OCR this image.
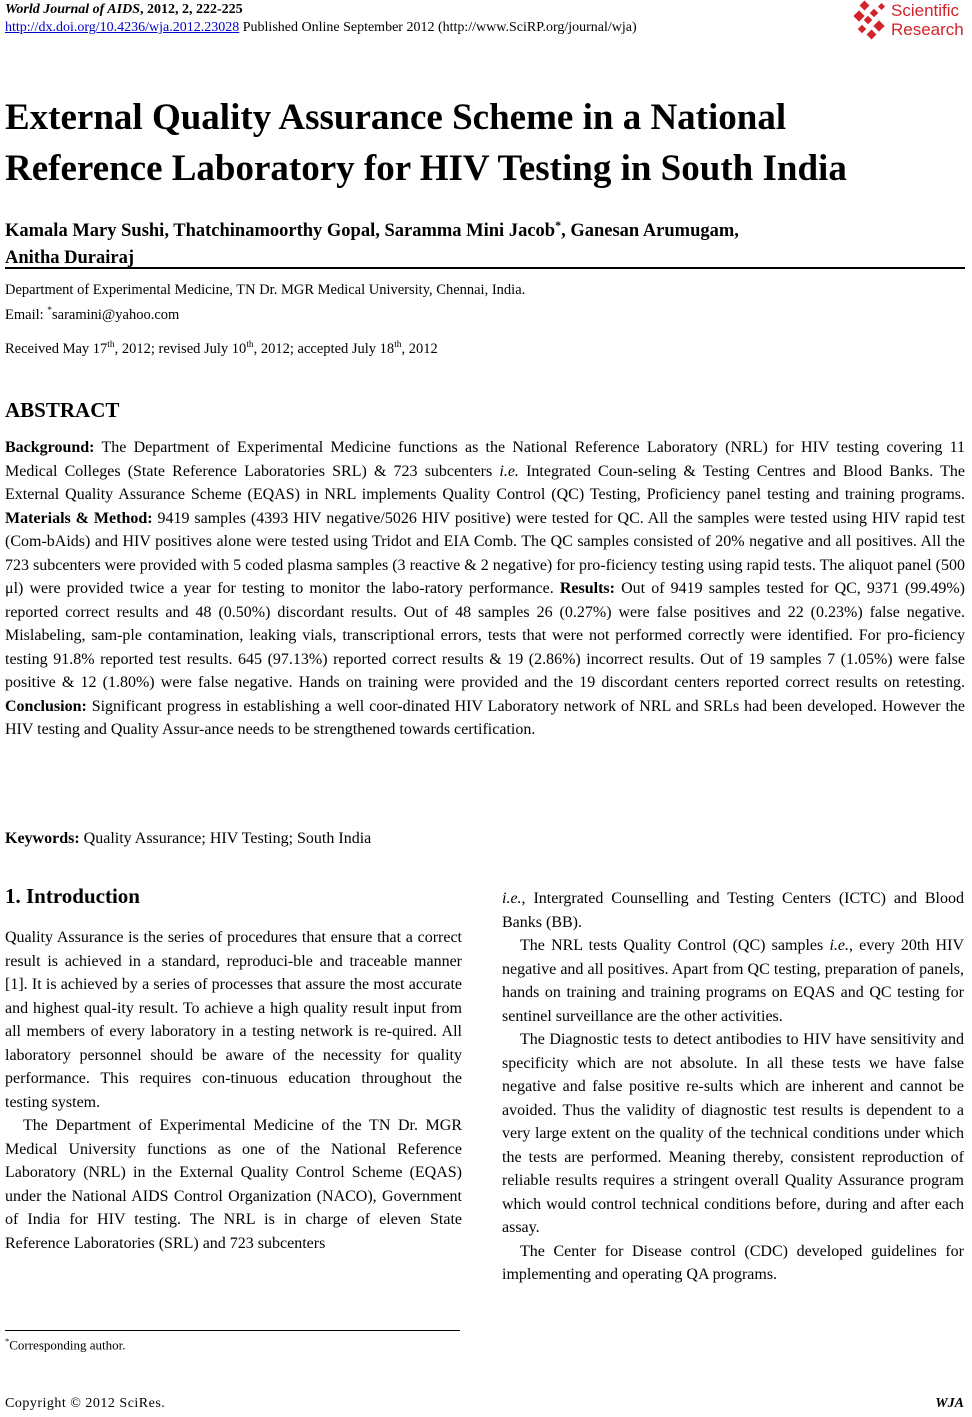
World Journal of AIDS, 2012, 2, 222-225
http://dx.doi.org/10.4236/wja.2012.23028 Published Online September 2012 (http://www.SciRP.org/journal/wja)
Scientific
Research
External Quality Assurance Scheme in a National
Reference Laboratory for HIV Testing in South India
Kamala Mary Sushi, Thatchinamoorthy Gopal, Saramma Mini Jacob*, Ganesan Arumugam,
Anitha Durairaj
Department of Experimental Medicine, TN Dr. MGR Medical University, Chennai, India.
Email: *saramini@yahoo.com
Received May 17th, 2012; revised July 10th, 2012; accepted July 18th, 2012
ABSTRACT
Background: The Department of Experimental Medicine functions as the National Reference Laboratory (NRL) for HIV testing covering 11 Medical Colleges (State Reference Laboratories SRL) & 723 subcenters i.e. Integrated Coun-seling & Testing Centres and Blood Banks. The External Quality Assurance Scheme (EQAS) in NRL implements Quality Control (QC) Testing, Proficiency panel testing and training programs. Materials & Method: 9419 samples (4393 HIV negative/5026 HIV positive) were tested for QC. All the samples were tested using HIV rapid test (Com-bAids) and HIV positives alone were tested using Tridot and EIA Comb. The QC samples consisted of 20% negative and all positives. All the 723 subcenters were provided with 5 coded plasma samples (3 reactive & 2 negative) for pro-ficiency testing using rapid tests. The aliquot panel (500 μl) were provided twice a year for testing to monitor the labo-ratory performance. Results: Out of 9419 samples tested for QC, 9371 (99.49%) reported correct results and 48 (0.50%) discordant results. Out of 48 samples 26 (0.27%) were false positives and 22 (0.23%) false negative. Mislabeling, sam-ple contamination, leaking vials, transcriptional errors, tests that were not performed correctly were identified. For pro-ficiency testing 91.8% reported test results. 645 (97.13%) reported correct results & 19 (2.86%) incorrect results. Out of 19 samples 7 (1.05%) were false positive & 12 (1.80%) were false negative. Hands on training were provided and the 19 discordant centers reported correct results on retesting. Conclusion: Significant progress in establishing a well coor-dinated HIV Laboratory network of NRL and SRLs had been developed. However the HIV testing and Quality Assur-ance needs to be strengthened towards certification.
Keywords: Quality Assurance; HIV Testing; South India
1. Introduction

Quality Assurance is the series of procedures that ensure that a correct result is achieved in a standard, reproduci-ble and traceable manner [1]. It is achieved by a series of processes that assure the most accurate and highest qual-ity result. To achieve a high quality result input from all members of every laboratory in a testing network is re-quired. All laboratory personnel should be aware of the necessity for quality performance. This requires con-tinuous education throughout the testing system.

The Department of Experimental Medicine of the TN Dr. MGR Medical University functions as one of the National Reference Laboratory (NRL) in the External Quality Control Scheme (EQAS) under the National AIDS Control Organization (NACO), Government of India for HIV testing. The NRL is in charge of eleven State Reference Laboratories (SRL) and 723 subcenters

i.e., Intergrated Counselling and Testing Centers (ICTC) and Blood Banks (BB).

The NRL tests Quality Control (QC) samples i.e., every 20th HIV negative and all positives. Apart from QC testing, preparation of panels, hands on training and training programs on EQAS and QC testing for sentinel surveillance are the other activities.

The Diagnostic tests to detect antibodies to HIV have sensitivity and specificity which are not absolute. In all these tests we have false negative and false positive re-sults which are inherent and cannot be avoided. Thus the validity of diagnostic test results is dependent to a very large extent on the quality of the technical conditions under which the tests are performed. Meaning thereby, consistent reproduction of reliable results requires a stringent overall Quality Assurance program which would control technical conditions before, during and after each assay.

The Center for Disease control (CDC) developed guidelines for implementing and operating QA programs.

*Corresponding author.
Copyright © 2012 SciRes.	WJA
